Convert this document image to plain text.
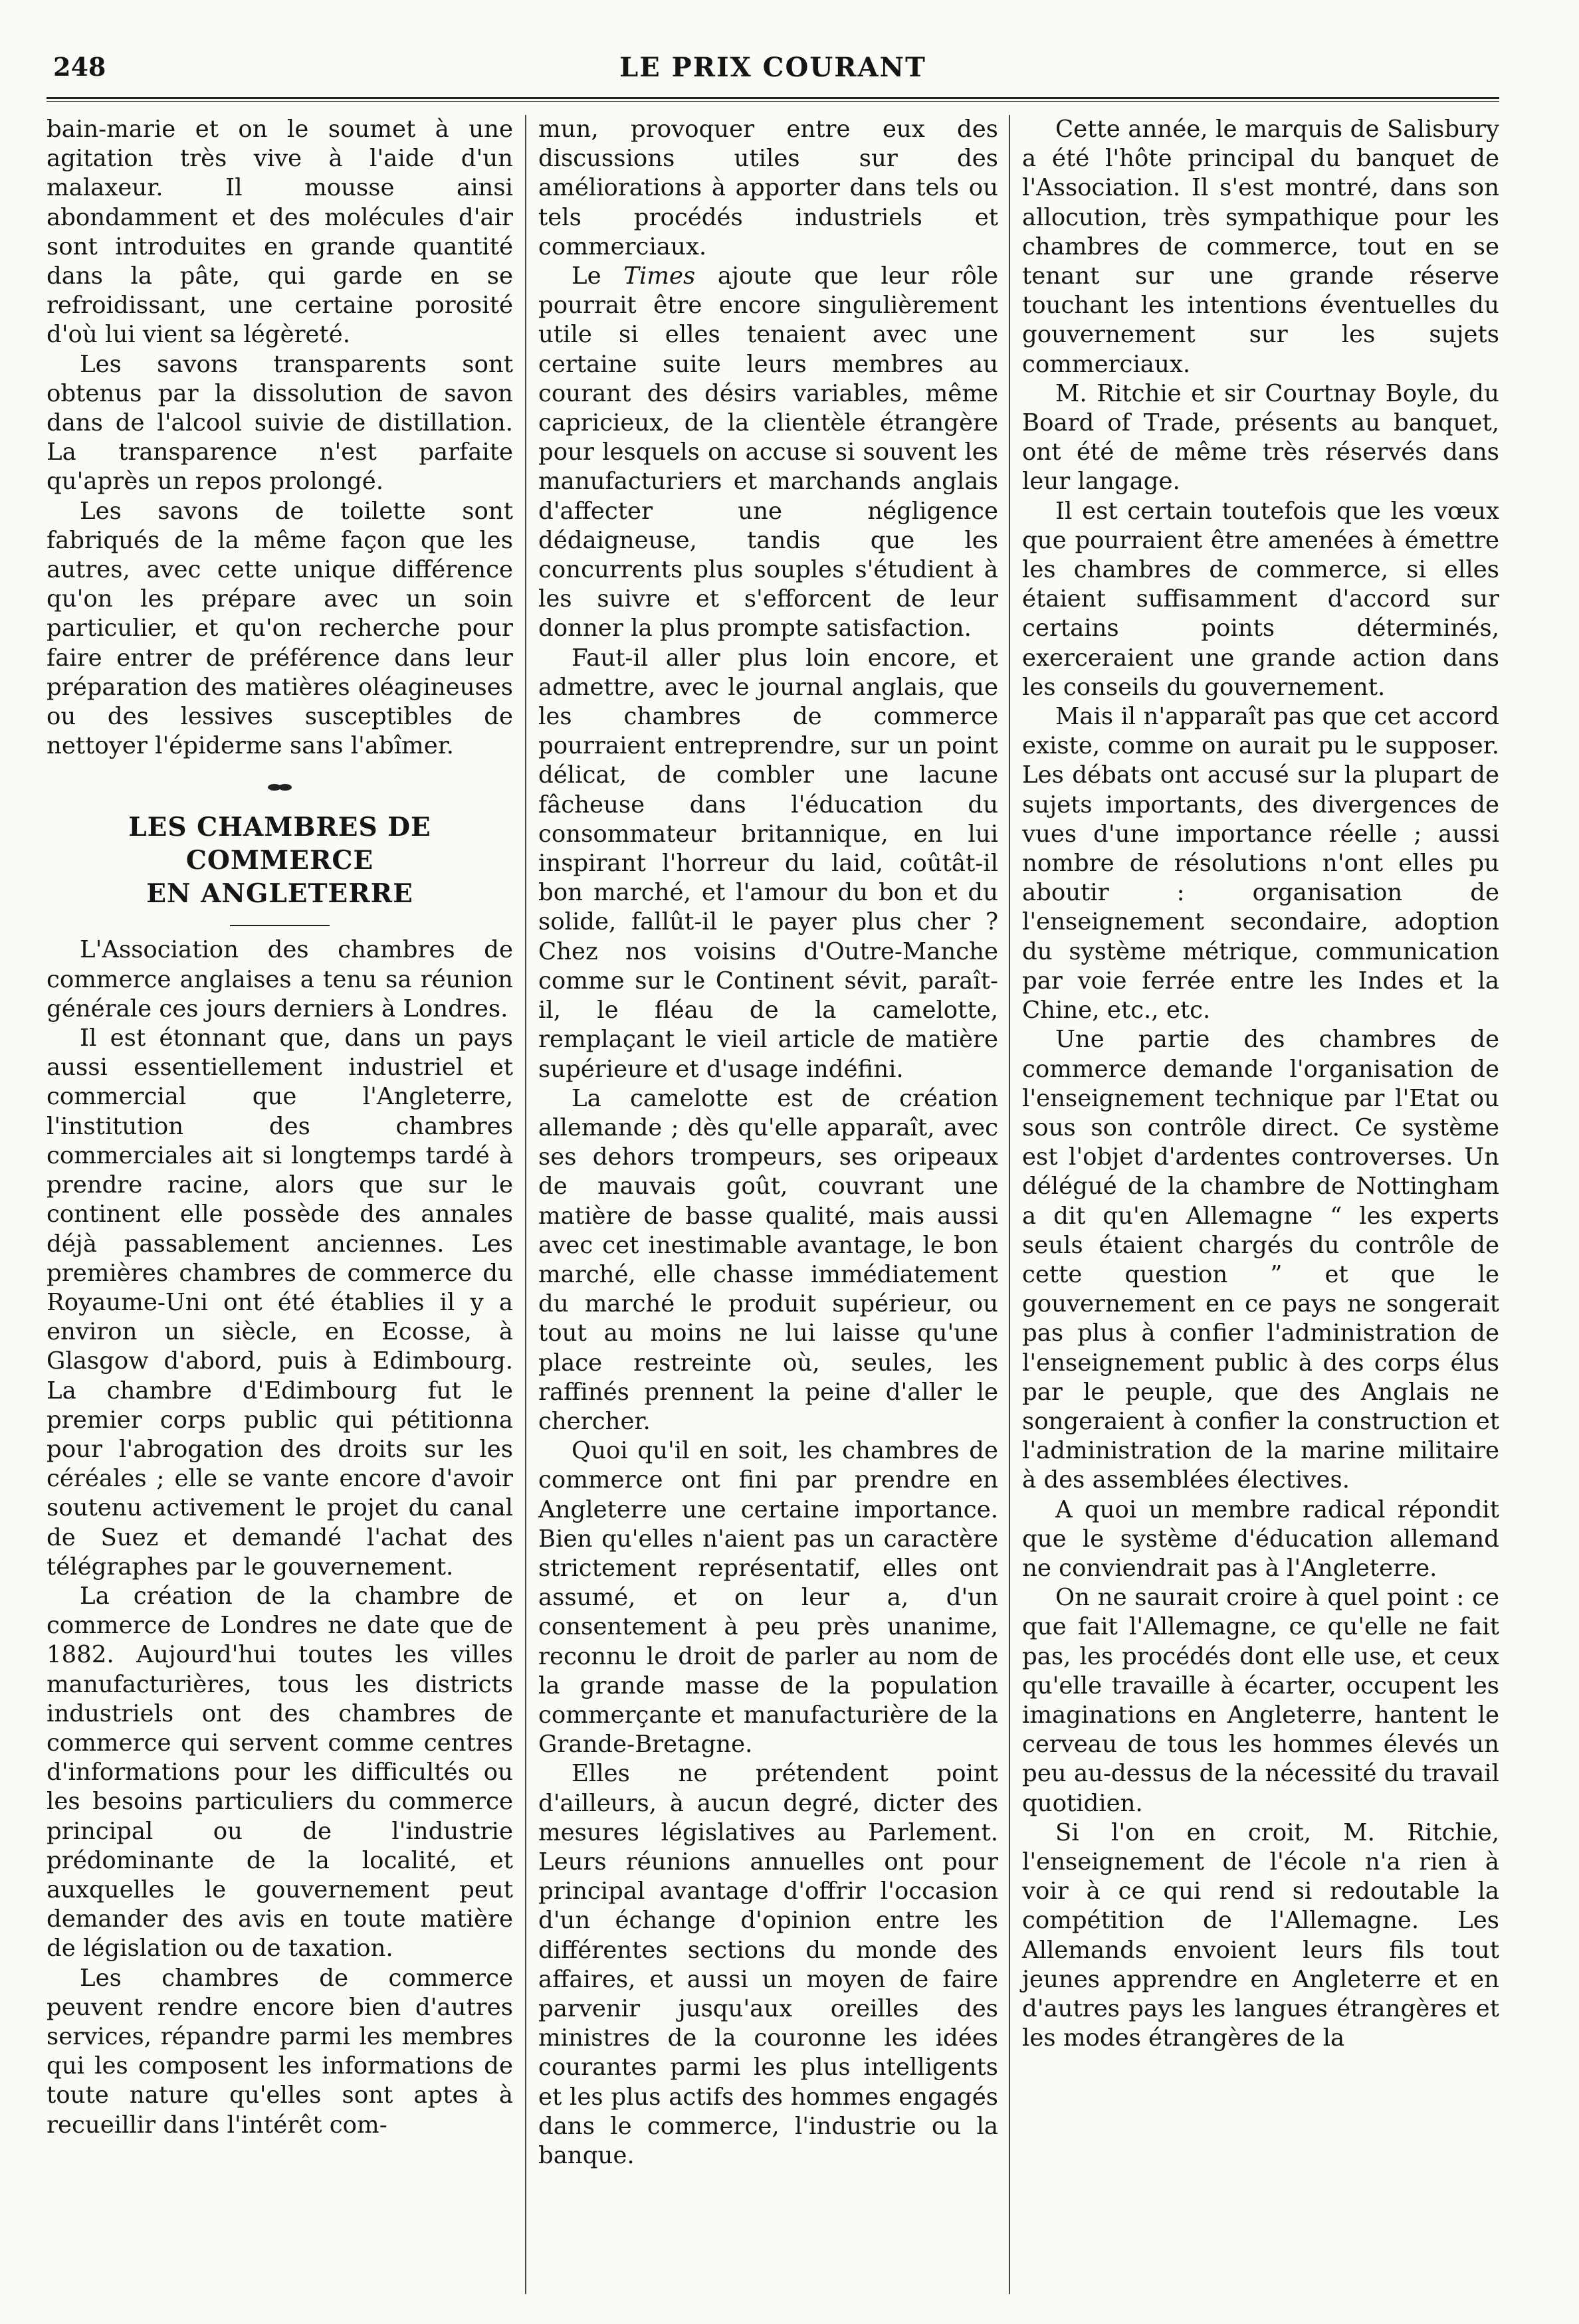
248	LE PRIX COURANT

bain-marie et on le soumet à une agitation très vive à l'aide d'un malaxeur. Il mousse ainsi abondamment et des molécules d'air sont introduites en grande quantité dans la pâte, qui garde en se refroidissant, une certaine porosité d'où lui vient sa légèreté.

Les savons transparents sont obtenus par la dissolution de savon dans de l'alcool suivie de distillation. La transparence n'est parfaite qu'après un repos prolongé.

Les savons de toilette sont fabriqués de la même façon que les autres, avec cette unique différence qu'on les prépare avec un soin particulier, et qu'on recherche pour faire entrer de préférence dans leur préparation des matières oléagineuses ou des lessives susceptibles de nettoyer l'épiderme sans l'abîmer.

LES CHAMBRES DE COMMERCE
EN ANGLETERRE

L'Association des chambres de commerce anglaises a tenu sa réunion générale ces jours derniers à Londres.

Il est étonnant que, dans un pays aussi essentiellement industriel et commercial que l'Angleterre, l'institution des chambres commerciales ait si longtemps tardé à prendre racine, alors que sur le continent elle possède des annales déjà passablement anciennes. Les premières chambres de commerce du Royaume-Uni ont été établies il y a environ un siècle, en Ecosse, à Glasgow d'abord, puis à Edimbourg. La chambre d'Edimbourg fut le premier corps public qui pétitionna pour l'abrogation des droits sur les céréales ; elle se vante encore d'avoir soutenu activement le projet du canal de Suez et demandé l'achat des télégraphes par le gouvernement.

La création de la chambre de commerce de Londres ne date que de 1882. Aujourd'hui toutes les villes manufacturières, tous les districts industriels ont des chambres de commerce qui servent comme centres d'informations pour les difficultés ou les besoins particuliers du commerce principal ou de l'industrie prédominante de la localité, et auxquelles le gouvernement peut demander des avis en toute matière de législation ou de taxation.

Les chambres de commerce peuvent rendre encore bien d'autres services, répandre parmi les membres qui les composent les informations de toute nature qu'elles sont aptes à recueillir dans l'intérêt com-

mun, provoquer entre eux des discussions utiles sur des améliorations à apporter dans tels ou tels procédés industriels et commerciaux.

Le Times ajoute que leur rôle pourrait être encore singulièrement utile si elles tenaient avec une certaine suite leurs membres au courant des désirs variables, même capricieux, de la clientèle étrangère pour lesquels on accuse si souvent les manufacturiers et marchands anglais d'affecter une négligence dédaigneuse, tandis que les concurrents plus souples s'étudient à les suivre et s'efforcent de leur donner la plus prompte satisfaction.

Faut-il aller plus loin encore, et admettre, avec le journal anglais, que les chambres de commerce pourraient entreprendre, sur un point délicat, de combler une lacune fâcheuse dans l'éducation du consommateur britannique, en lui inspirant l'horreur du laid, coûtât-il bon marché, et l'amour du bon et du solide, fallût-il le payer plus cher ? Chez nos voisins d'Outre-Manche comme sur le Continent sévit, paraît-il, le fléau de la camelotte, remplaçant le vieil article de matière supérieure et d'usage indéfini.

La camelotte est de création allemande ; dès qu'elle apparaît, avec ses dehors trompeurs, ses oripeaux de mauvais goût, couvrant une matière de basse qualité, mais aussi avec cet inestimable avantage, le bon marché, elle chasse immédiatement du marché le produit supérieur, ou tout au moins ne lui laisse qu'une place restreinte où, seules, les raffinés prennent la peine d'aller le chercher.

Quoi qu'il en soit, les chambres de commerce ont fini par prendre en Angleterre une certaine importance. Bien qu'elles n'aient pas un caractère strictement représentatif, elles ont assumé, et on leur a, d'un consentement à peu près unanime, reconnu le droit de parler au nom de la grande masse de la population commerçante et manufacturière de la Grande-Bretagne.

Elles ne prétendent point d'ailleurs, à aucun degré, dicter des mesures législatives au Parlement. Leurs réunions annuelles ont pour principal avantage d'offrir l'occasion d'un échange d'opinion entre les différentes sections du monde des affaires, et aussi un moyen de faire parvenir jusqu'aux oreilles des ministres de la couronne les idées courantes parmi les plus intelligents et les plus actifs des hommes engagés dans le commerce, l'industrie ou la banque.

Cette année, le marquis de Salisbury a été l'hôte principal du banquet de l'Association. Il s'est montré, dans son allocution, très sympathique pour les chambres de commerce, tout en se tenant sur une grande réserve touchant les intentions éventuelles du gouvernement sur les sujets commerciaux.

M. Ritchie et sir Courtnay Boyle, du Board of Trade, présents au banquet, ont été de même très réservés dans leur langage.

Il est certain toutefois que les vœux que pourraient être amenées à émettre les chambres de commerce, si elles étaient suffisamment d'accord sur certains points déterminés, exerceraient une grande action dans les conseils du gouvernement.

Mais il n'apparaît pas que cet accord existe, comme on aurait pu le supposer. Les débats ont accusé sur la plupart de sujets importants, des divergences de vues d'une importance réelle ; aussi nombre de résolutions n'ont elles pu aboutir : organisation de l'enseignement secondaire, adoption du système métrique, communication par voie ferrée entre les Indes et la Chine, etc., etc.

Une partie des chambres de commerce demande l'organisation de l'enseignement technique par l'Etat ou sous son contrôle direct. Ce système est l'objet d'ardentes controverses. Un délégué de la chambre de Nottingham a dit qu'en Allemagne “ les experts seuls étaient chargés du contrôle de cette question ” et que le gouvernement en ce pays ne songerait pas plus à confier l'administration de l'enseignement public à des corps élus par le peuple, que des Anglais ne songeraient à confier la construction et l'administration de la marine militaire à des assemblées électives.

A quoi un membre radical répondit que le système d'éducation allemand ne conviendrait pas à l'Angleterre.

On ne saurait croire à quel point : ce que fait l'Allemagne, ce qu'elle ne fait pas, les procédés dont elle use, et ceux qu'elle travaille à écarter, occupent les imaginations en Angleterre, hantent le cerveau de tous les hommes élevés un peu au-dessus de la nécessité du travail quotidien.

Si l'on en croit, M. Ritchie, l'enseignement de l'école n'a rien à voir à ce qui rend si redoutable la compétition de l'Allemagne. Les Allemands envoient leurs fils tout jeunes apprendre en Angleterre et en d'autres pays les langues étrangères et les modes étrangères de la
